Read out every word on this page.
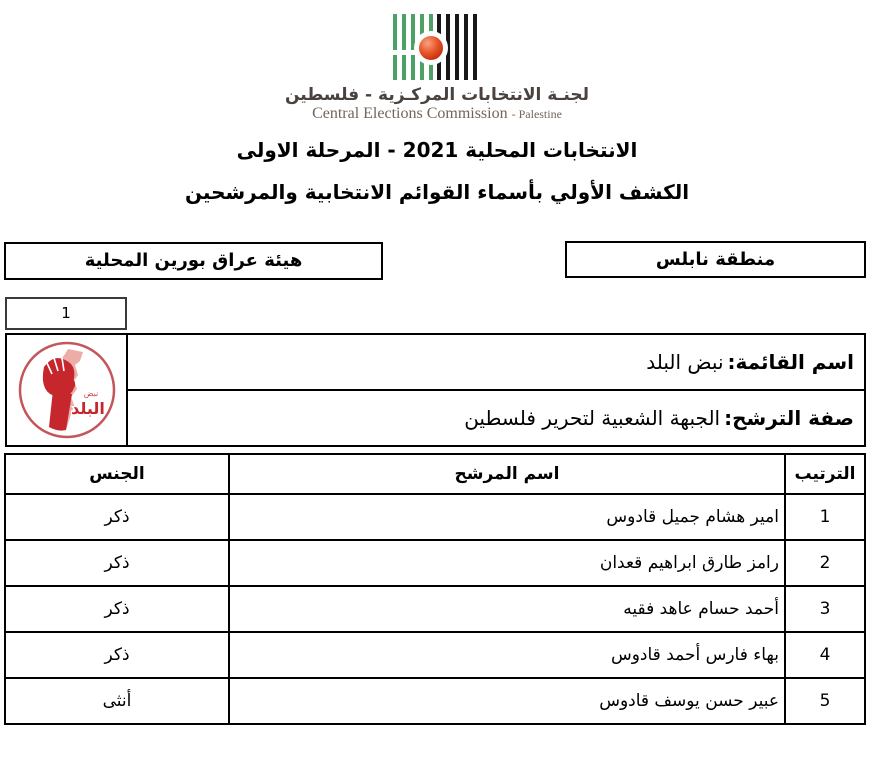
لجنـة الانتخابات المركـزية - فلسطين
Central Elections Commission - Palestine
الانتخابات المحلية 2021 - المرحلة الاولى
الكشف الأولي بأسماء القوائم الانتخابية والمرشحين
منطقة نابلس
هيئة عراق بورين المحلية
1
نبض
البلد
اسم القائمة:
نبض البلد
صفة الترشح:
الجبهة الشعبية لتحرير فلسطين
الترتيب	اسم المرشح	الجنس
1	امير هشام جميل قادوس	ذكر
2	رامز طارق ابراهيم قعدان	ذكر
3	أحمد حسام عاهد فقيه	ذكر
4	بهاء فارس أحمد قادوس	ذكر
5	عبير حسن يوسف قادوس	أنثى
